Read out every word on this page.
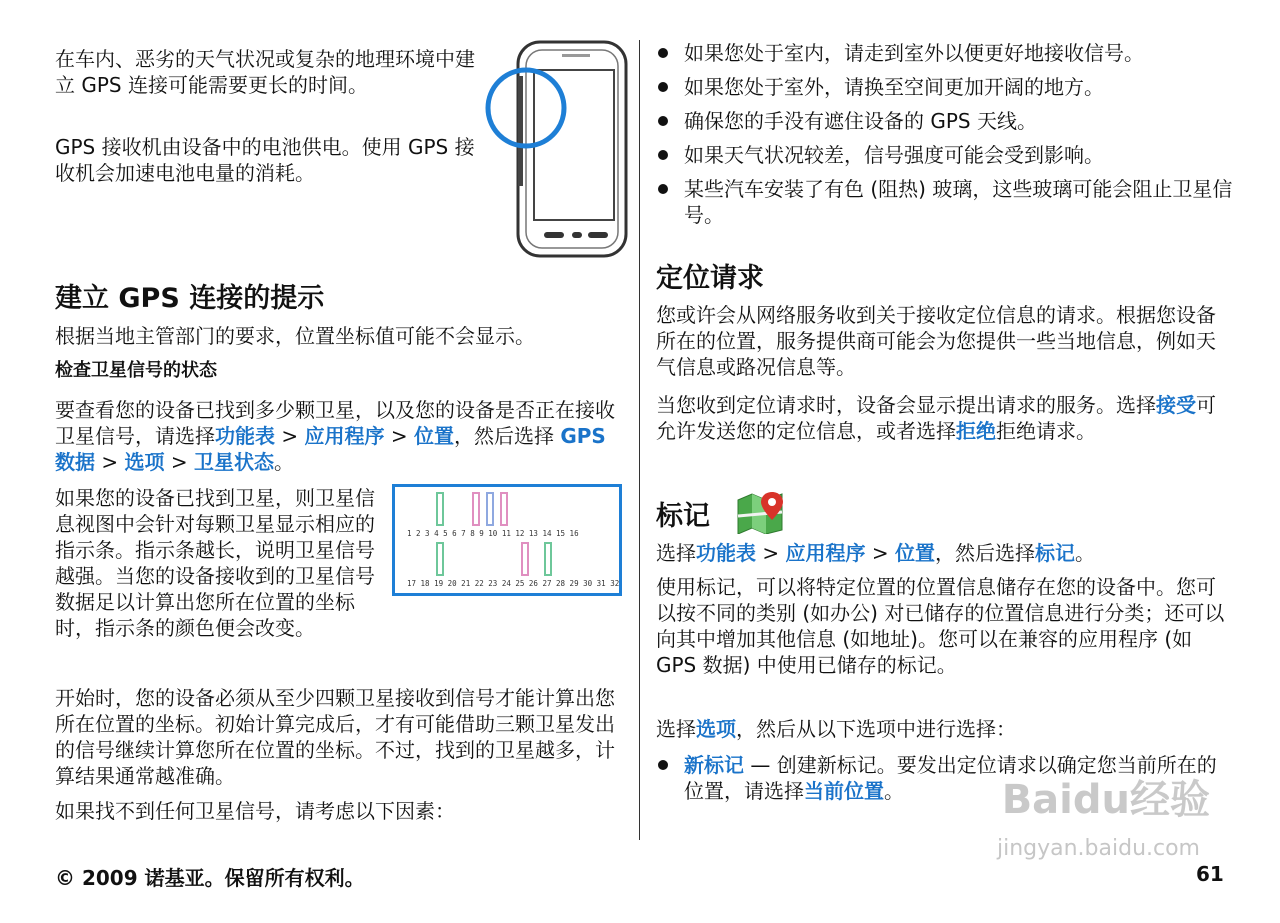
在车内、恶劣的天气状况或复杂的地理环境中建立 GPS 连接可能需要更长的时间。

GPS 接收机由设备中的电池供电。使用 GPS 接收机会加速电池电量的消耗。

建立 GPS 连接的提示

根据当地主管部门的要求，位置坐标值可能不会显示。

检查卫星信号的状态

要查看您的设备已找到多少颗卫星，以及您的设备是否正在接收卫星信号，请选择功能表 > 应用程序 > 位置，然后选择 GPS 数据 > 选项 > 卫星状态。

如果您的设备已找到卫星，则卫星信息视图中会针对每颗卫星显示相应的指示条。指示条越长，说明卫星信号越强。当您的设备接收到的卫星信号数据足以计算出您所在位置的坐标时，指示条的颜色便会改变。

开始时，您的设备必须从至少四颗卫星接收到信号才能计算出您所在位置的坐标。初始计算完成后，才有可能借助三颗卫星发出的信号继续计算您所在位置的坐标。不过，找到的卫星越多，计算结果通常越准确。

如果找不到任何卫星信号，请考虑以下因素：

1 2 3 4 5 6 7 8 9 10 11 12 13 14 15 16
17 18 19 20 21 22 23 24 25 26 27 28 29 30 31 32
如果您处于室内，请走到室外以便更好地接收信号。
如果您处于室外，请换至空间更加开阔的地方。
确保您的手没有遮住设备的 GPS 天线。
如果天气状况较差，信号强度可能会受到影响。
某些汽车安装了有色 (阻热) 玻璃，这些玻璃可能会阻止卫星信号。
定位请求

您或许会从网络服务收到关于接收定位信息的请求。根据您设备所在的位置，服务提供商可能会为您提供一些当地信息，例如天气信息或路况信息等。

当您收到定位请求时，设备会显示提出请求的服务。选择接受可允许发送您的定位信息，或者选择拒绝拒绝请求。

标记

选择功能表 > 应用程序 > 位置，然后选择标记。

使用标记，可以将特定位置的位置信息储存在您的设备中。您可以按不同的类别 (如办公) 对已储存的位置信息进行分类；还可以向其中增加其他信息 (如地址)。您可以在兼容的应用程序 (如 GPS 数据) 中使用已储存的标记。

选择选项，然后从以下选项中进行选择：

新标记 — 创建新标记。要发出定位请求以确定您当前所在的位置，请选择当前位置。	Baidu经验
jingyan.baidu.com
© 2009 诺基亚。保留所有权利。	61
